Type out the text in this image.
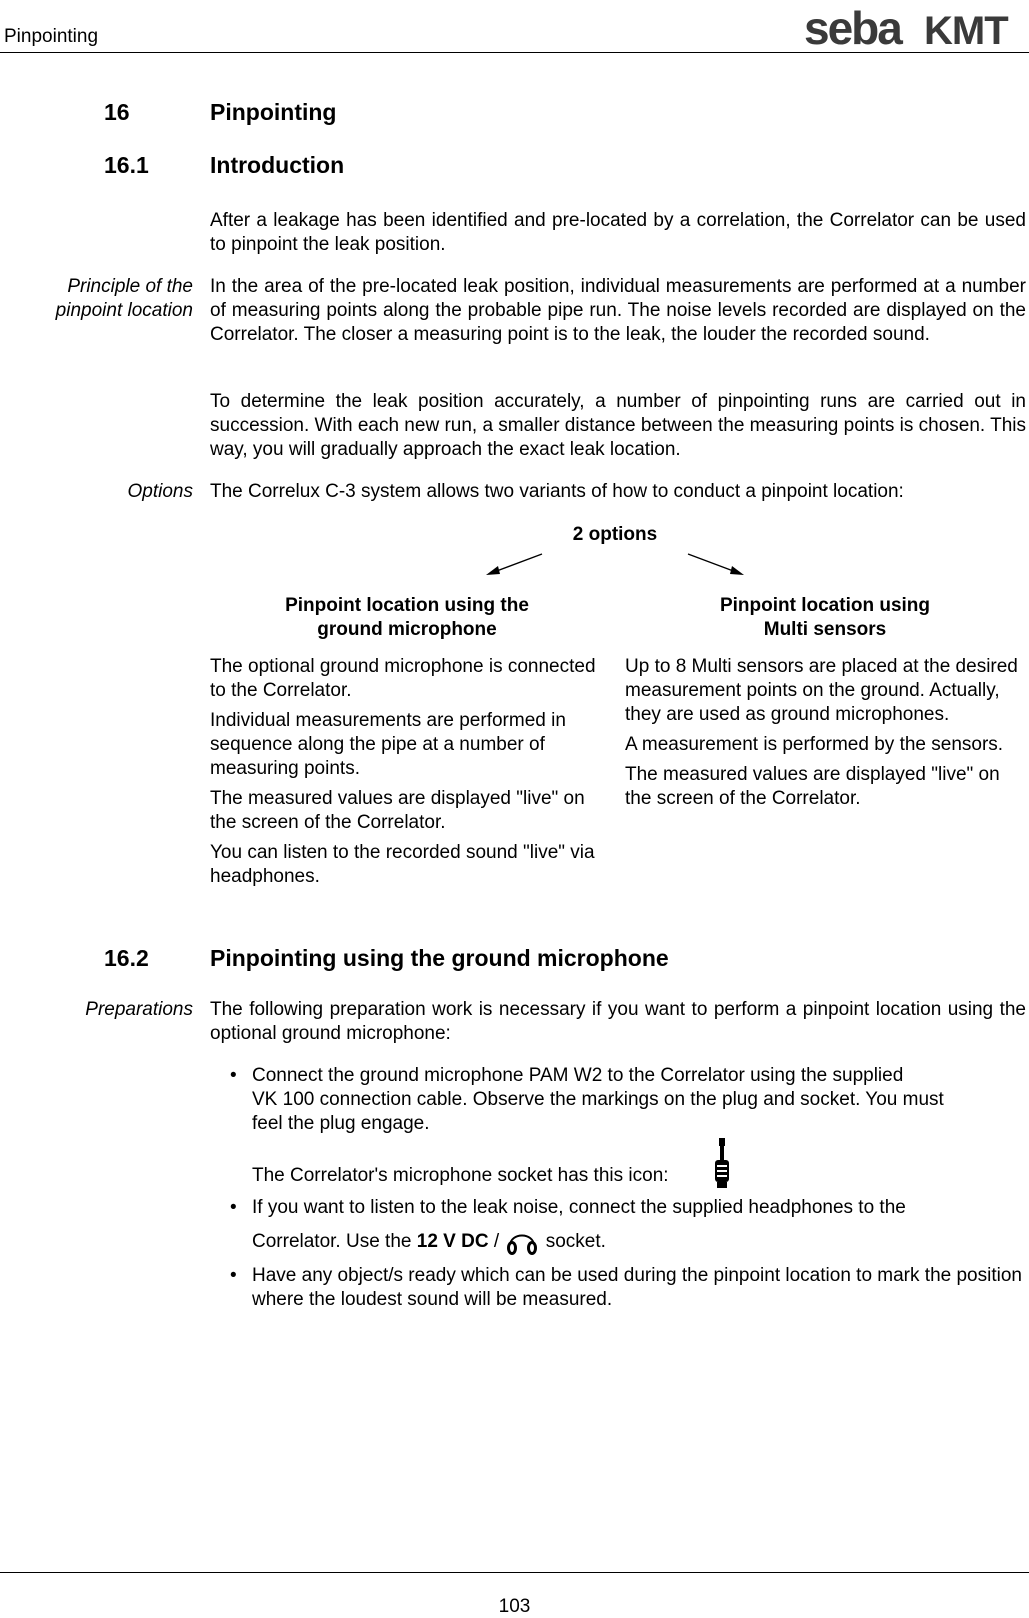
Pinpointing	seba KMT
16	Pinpointing
16.1	Introduction
After a leakage has been identified and pre-located by a correlation, the Correlator can be used to pinpoint the leak position.
Principle of the
pinpoint location
In the area of the pre-located leak position, individual measurements are performed at a number of measuring points along the probable pipe run. The noise levels recorded are displayed on the Correlator. The closer a measuring point is to the leak, the louder the recorded sound.
To determine the leak position accurately, a number of pinpointing runs are carried out in succession. With each new run, a smaller distance between the measuring points is chosen. This way, you will gradually approach the exact leak location.
Options The Correlux C-3 system allows two variants of how to conduct a pinpoint location:
2 options
Pinpoint location using the
ground microphone
Pinpoint location using
Multi sensors

The optional ground microphone is connected to the Correlator.

Individual measurements are performed in sequence along the pipe at a number of measuring points.

The measured values are displayed "live" on the screen of the Correlator.

You can listen to the recorded sound "live" via headphones.

Up to 8 Multi sensors are placed at the desired measurement points on the ground. Actually, they are used as ground microphones.

A measurement is performed by the sensors.

The measured values are displayed "live" on the screen of the Correlator.

16.2	Pinpointing using the ground microphone
Preparations The following preparation work is necessary if you want to perform a pinpoint location using the optional ground microphone:
• Connect the ground microphone PAM W2 to the Correlator using the supplied
VK 100 connection cable. Observe the markings on the plug and socket. You must
feel the plug engage.
The Correlator's microphone socket has this icon:
• If you want to listen to the leak noise, connect the supplied headphones to the
Correlator. Use the 12 V DC / socket.
• Have any object/s ready which can be used during the pinpoint location to mark the position where the loudest sound will be measured.
103
